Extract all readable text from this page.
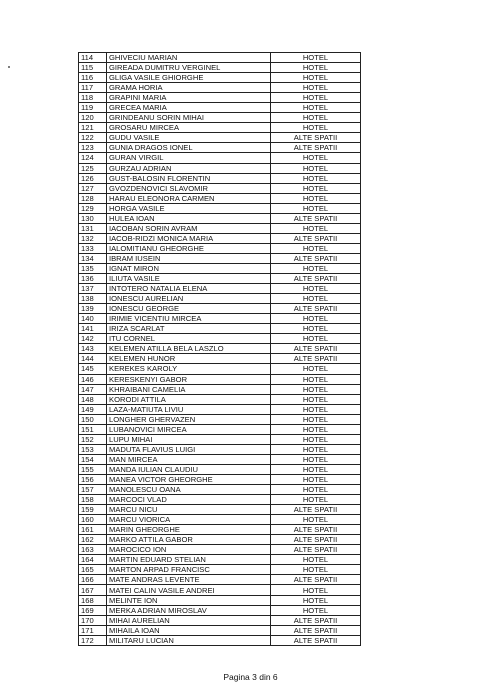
114	GHIVECIU MARIAN	HOTEL
115	GIREADA DUMITRU VERGINEL	HOTEL
116	GLIGA VASILE GHIORGHE	HOTEL
117	GRAMA HORIA	HOTEL
118	GRAPINI MARIA	HOTEL
119	GRECEA MARIA	HOTEL
120	GRINDEANU SORIN MIHAI	HOTEL
121	GROSARU MIRCEA	HOTEL
122	GUDU VASILE	ALTE SPATII
123	GUNIA DRAGOS IONEL	ALTE SPATII
124	GURAN VIRGIL	HOTEL
125	GURZAU ADRIAN	HOTEL
126	GUST-BALOSIN FLORENTIN	HOTEL
127	GVOZDENOVICI SLAVOMIR	HOTEL
128	HARAU ELEONORA CARMEN	HOTEL
129	HORGA VASILE	HOTEL
130	HULEA IOAN	ALTE SPATII
131	IACOBAN SORIN AVRAM	HOTEL
132	IACOB-RIDZI MONICA MARIA	ALTE SPATII
133	IALOMITIANU GHEORGHE	HOTEL
134	IBRAM IUSEIN	ALTE SPATII
135	IGNAT MIRON	HOTEL
136	ILIUTA VASILE	ALTE SPATII
137	INTOTERO NATALIA ELENA	HOTEL
138	IONESCU AURELIAN	HOTEL
139	IONESCU GEORGE	ALTE SPATII
140	IRIMIE VICENTIU MIRCEA	HOTEL
141	IRIZA SCARLAT	HOTEL
142	ITU CORNEL	HOTEL
143	KELEMEN ATILLA BELA LASZLO	ALTE SPATII
144	KELEMEN HUNOR	ALTE SPATII
145	KEREKES KAROLY	HOTEL
146	KERESKENYI GABOR	HOTEL
147	KHRAIBANI CAMELIA	HOTEL
148	KORODI ATTILA	HOTEL
149	LAZA-MATIUTA LIVIU	HOTEL
150	LONGHER GHERVAZEN	HOTEL
151	LUBANOVICI MIRCEA	HOTEL
152	LUPU MIHAI	HOTEL
153	MADUTA FLAVIUS LUIGI	HOTEL
154	MAN MIRCEA	HOTEL
155	MANDA IULIAN CLAUDIU	HOTEL
156	MANEA VICTOR GHEORGHE	HOTEL
157	MANOLESCU OANA	HOTEL
158	MARCOCI VLAD	HOTEL
159	MARCU NICU	ALTE SPATII
160	MARCU VIORICA	HOTEL
161	MARIN GHEORGHE	ALTE SPATII
162	MARKO ATTILA GABOR	ALTE SPATII
163	MAROCICO ION	ALTE SPATII
164	MARTIN EDUARD STELIAN	HOTEL
165	MARTON ARPAD FRANCISC	HOTEL
166	MATE ANDRAS LEVENTE	ALTE SPATII
167	MATEI CALIN VASILE ANDREI	HOTEL
168	MELINTE ION	HOTEL
169	MERKA ADRIAN MIROSLAV	HOTEL
170	MIHAI AURELIAN	ALTE SPATII
171	MIHAILA IOAN	ALTE SPATII
172	MILITARU LUCIAN	ALTE SPATII
Pagina 3 din 6
